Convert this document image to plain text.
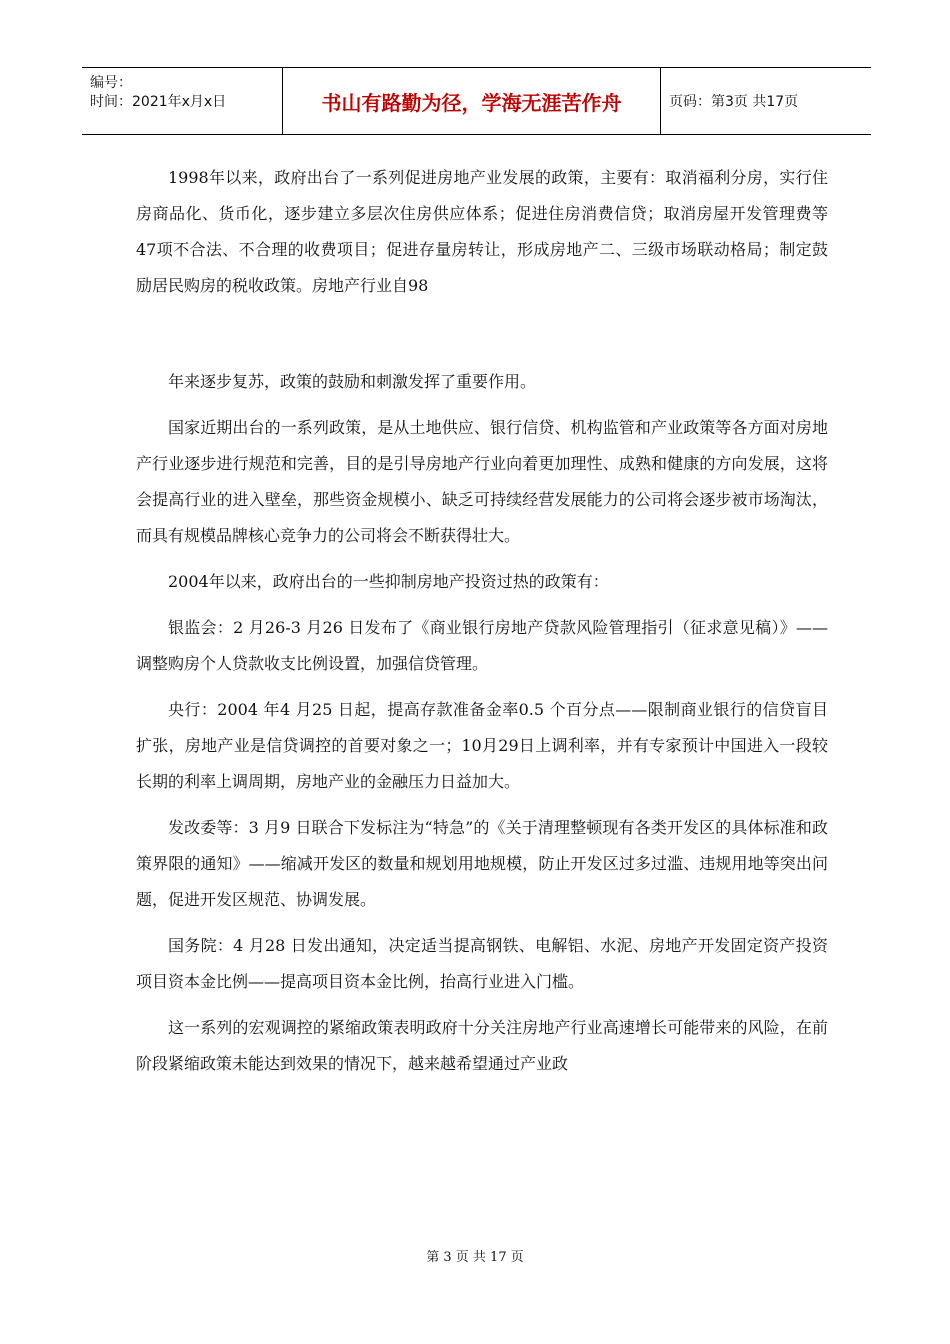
编号：
时间：2021年x月x日	书山有路勤为径，学海无涯苦作舟	页码：第3页 共17页

1998年以来，政府出台了一系列促进房地产业发展的政策，主要有：取消福利分房，实行住房商品化、货币化，逐步建立多层次住房供应体系；促进住房消费信贷；取消房屋开发管理费等47项不合法、不合理的收费项目；促进存量房转让，形成房地产二、三级市场联动格局；制定鼓励居民购房的税收政策。房地产行业自98

年来逐步复苏，政策的鼓励和刺激发挥了重要作用。

国家近期出台的一系列政策，是从土地供应、银行信贷、机构监管和产业政策等各方面对房地产行业逐步进行规范和完善，目的是引导房地产行业向着更加理性、成熟和健康的方向发展，这将会提高行业的进入壁垒，那些资金规模小、缺乏可持续经营发展能力的公司将会逐步被市场淘汰，而具有规模品牌核心竞争力的公司将会不断获得壮大。

2004年以来，政府出台的一些抑制房地产投资过热的政策有：

银监会：2 月26-3 月26 日发布了《商业银行房地产贷款风险管理指引（征求意见稿）》——调整购房个人贷款收支比例设置，加强信贷管理。

央行：2004 年4 月25 日起，提高存款准备金率0.5 个百分点——限制商业银行的信贷盲目扩张，房地产业是信贷调控的首要对象之一；10月29日上调利率，并有专家预计中国进入一段较长期的利率上调周期，房地产业的金融压力日益加大。

发改委等：3 月9 日联合下发标注为“特急”的《关于清理整顿现有各类开发区的具体标准和政策界限的通知》——缩减开发区的数量和规划用地规模，防止开发区过多过滥、违规用地等突出问题，促进开发区规范、协调发展。

国务院：4 月28 日发出通知，决定适当提高钢铁、电解铝、水泥、房地产开发固定资产投资项目资本金比例——提高项目资本金比例，抬高行业进入门槛。

这一系列的宏观调控的紧缩政策表明政府十分关注房地产行业高速增长可能带来的风险，在前阶段紧缩政策未能达到效果的情况下，越来越希望通过产业政

第 3 页 共 17 页
